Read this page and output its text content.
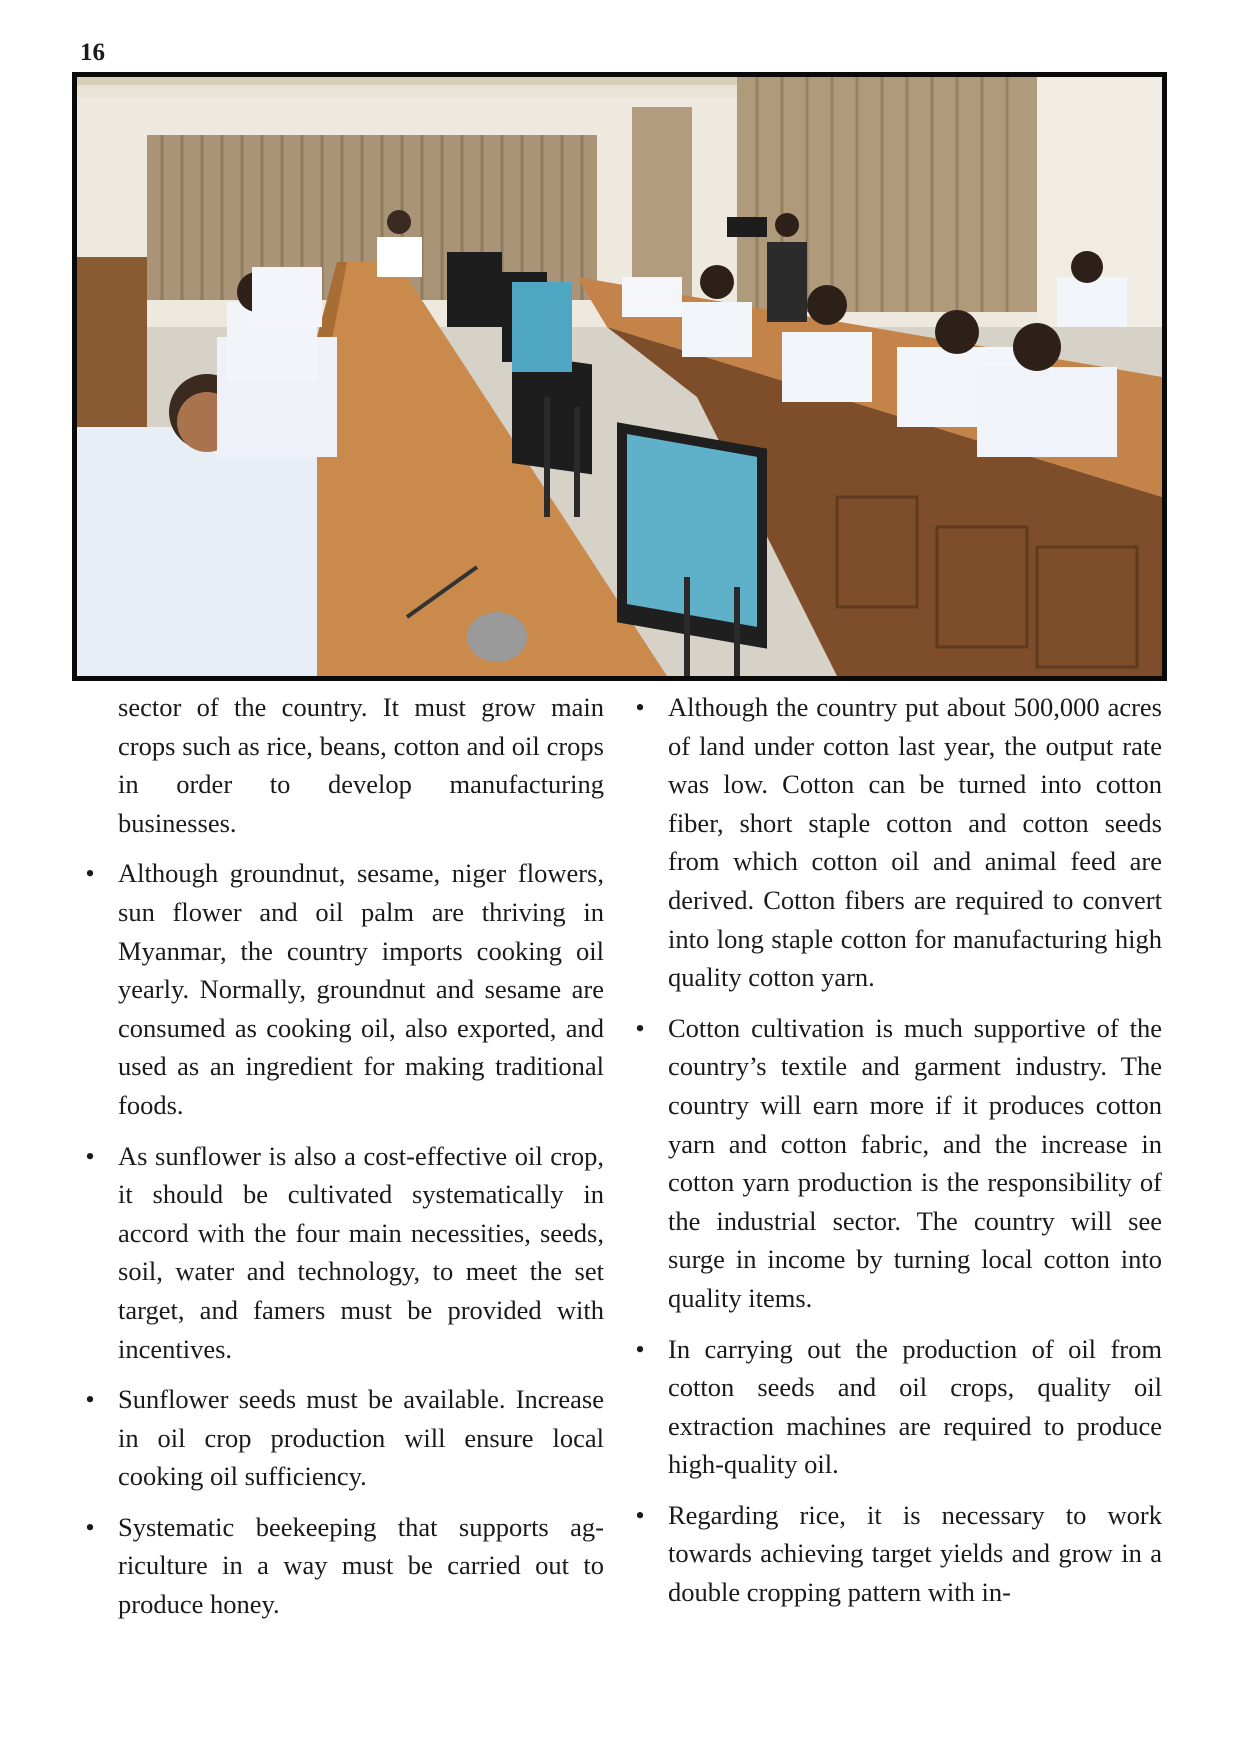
16

sector of the country. It must grow main crops such as rice, beans, cotton and oil crops in order to develop manufacturing businesses.

• Although groundnut, sesame, niger flowers, sun flower and oil palm are thriving in Myanmar, the country imports cooking oil yearly. Normally, groundnut and sesame are consumed as cooking oil, also exported, and used as an ingredient for making traditional foods.
• As sunflower is also a cost-effective oil crop, it should be cultivated systematically in accord with the four main necessities, seeds, soil, water and technology, to meet the set target, and famers must be provided with incentives.
• Sunflower seeds must be available. Increase in oil crop production will ensure local cooking oil sufficiency.
• Systematic beekeeping that supports agriculture in a way must be carried out to produce honey.
• Although the country put about 500,000 acres of land under cotton last year, the output rate was low. Cotton can be turned into cotton fiber, short staple cotton and cotton seeds from which cotton oil and animal feed are derived. Cotton fibers are required to convert into long staple cotton for manufacturing high quality cotton yarn.
• Cotton cultivation is much supportive of the country’s textile and garment industry. The country will earn more if it produces cotton yarn and cotton fabric, and the increase in cotton yarn production is the responsibility of the industrial sector. The country will see surge in income by turning local cotton into quality items.
• In carrying out the production of oil from cotton seeds and oil crops, quality oil extraction machines are required to produce high-quality oil.
• Regarding rice, it is necessary to work towards achieving target yields and grow in a double cropping pattern with in-
